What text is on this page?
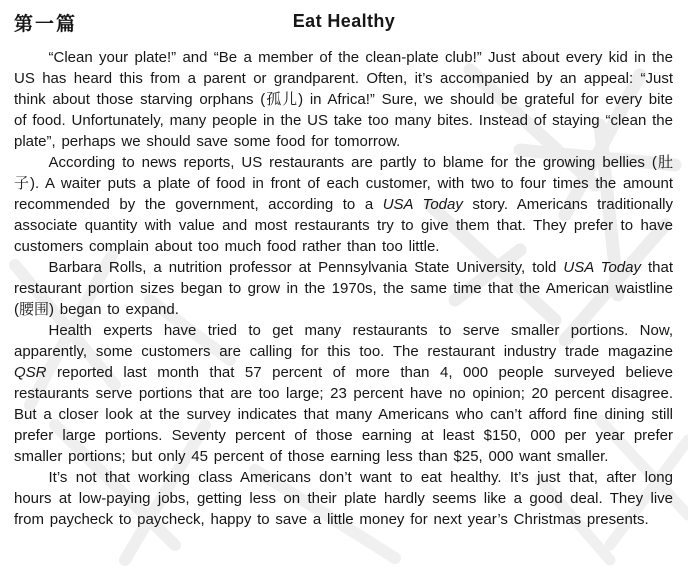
第一篇	Eat Healthy

“Clean your plate!” and “Be a member of the clean-plate club!” Just about every kid in the US has heard this from a parent or grandparent. Often, it’s accompanied by an appeal: “Just think about those starving orphans (孤儿) in Africa!” Sure, we should be grateful for every bite of food. Unfortunately, many people in the US take too many bites. Instead of staying “clean the plate”, perhaps we should save some food for tomorrow.

According to news reports, US restaurants are partly to blame for the growing bellies (肚子). A waiter puts a plate of food in front of each customer, with two to four times the amount recommended by the government, according to a USA Today story. Americans traditionally associate quantity with value and most restaurants try to give them that. They prefer to have customers complain about too much food rather than too little.

Barbara Rolls, a nutrition professor at Pennsylvania State University, told USA Today that restaurant portion sizes began to grow in the 1970s, the same time that the American waistline (腰围) began to expand.

Health experts have tried to get many restaurants to serve smaller portions. Now, apparently, some customers are calling for this too. The restaurant industry trade magazine QSR reported last month that 57 percent of more than 4, 000 people surveyed believe restaurants serve portions that are too large; 23 percent have no opinion; 20 percent disagree. But a closer look at the survey indicates that many Americans who can’t afford fine dining still prefer large portions. Seventy percent of those earning at least $150, 000 per year prefer smaller portions; but only 45 percent of those earning less than $25, 000 want smaller.

It’s not that working class Americans don’t want to eat healthy. It’s just that, after long hours at low-paying jobs, getting less on their plate hardly seems like a good deal. They live from paycheck to paycheck, happy to save a little money for next year’s Christmas presents.
